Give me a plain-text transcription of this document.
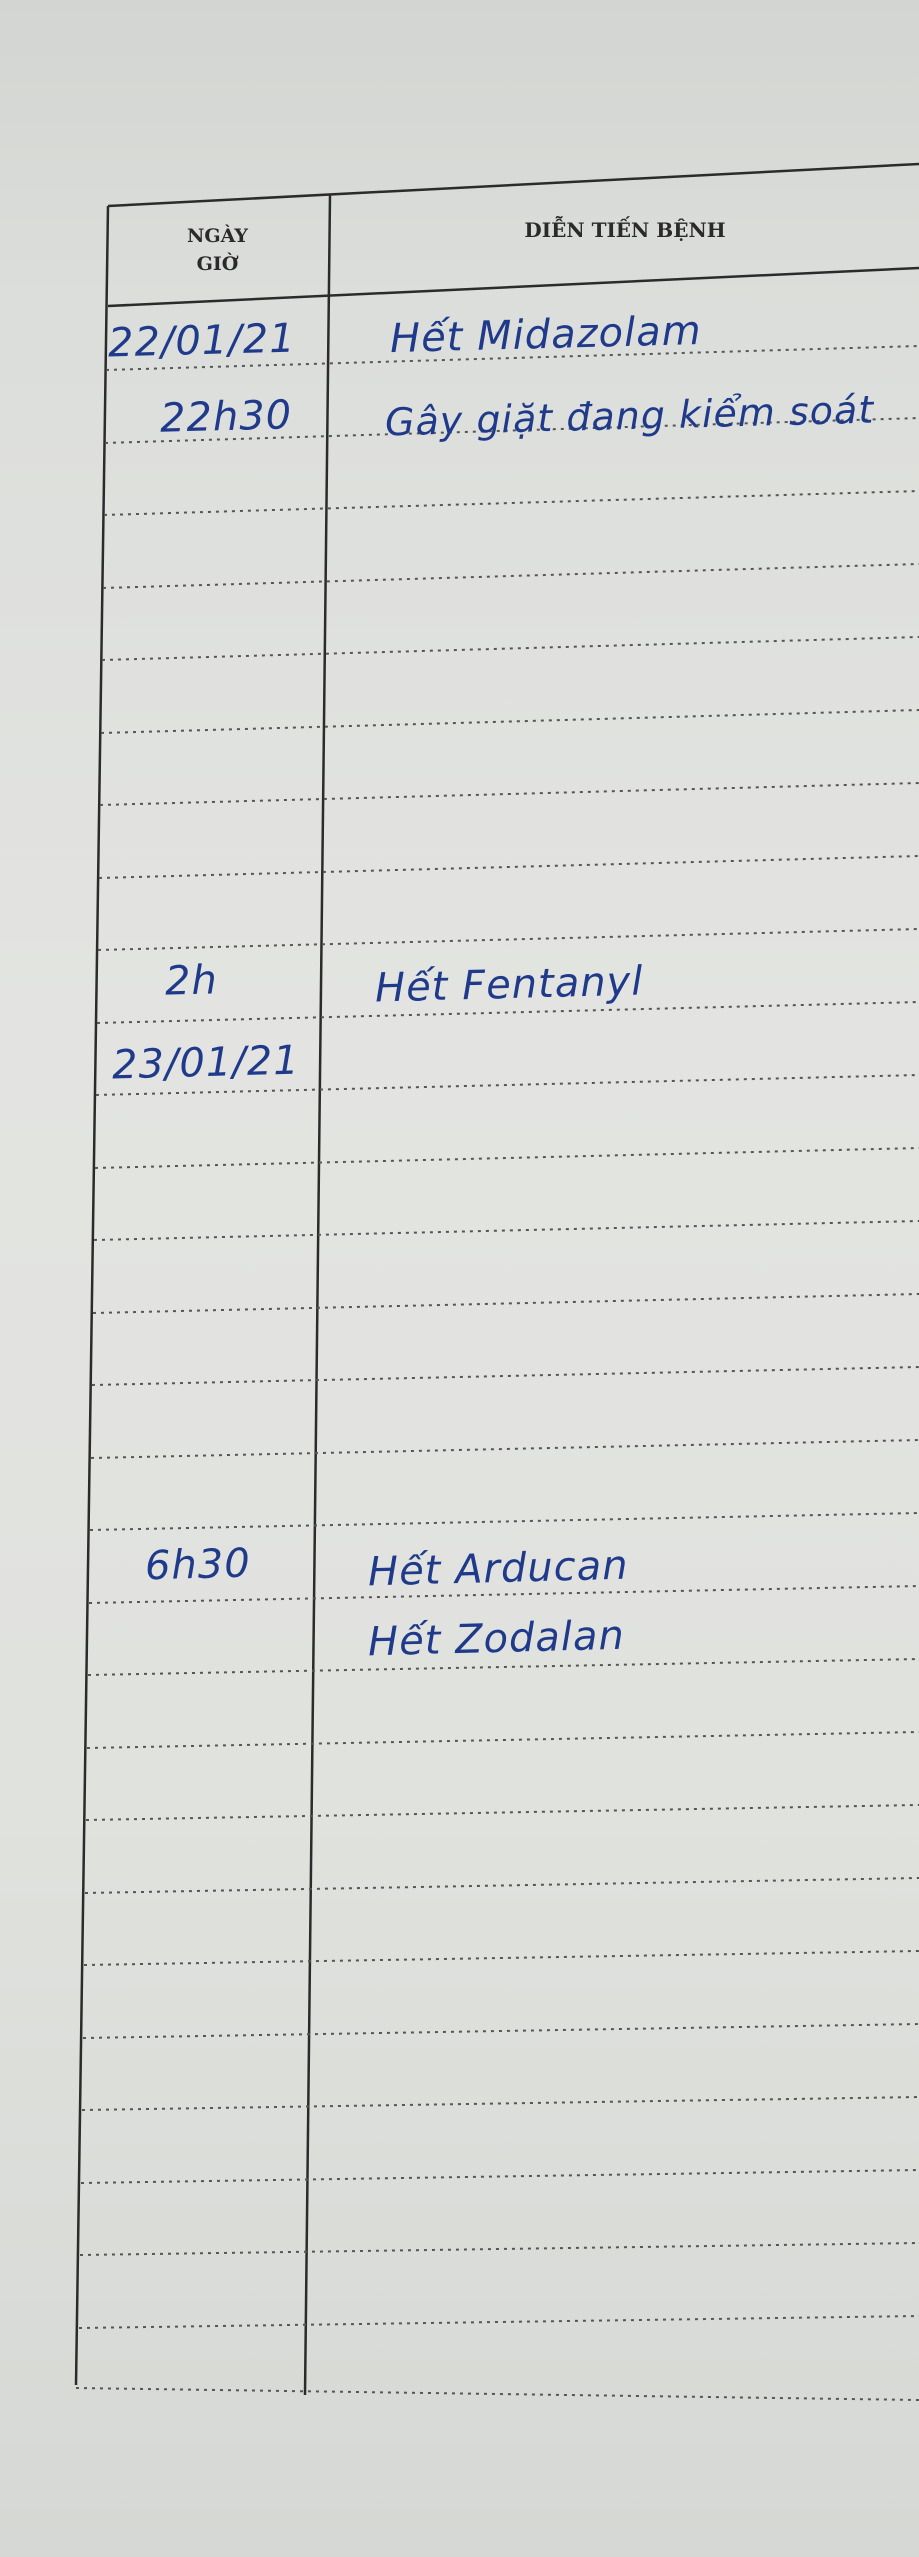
NGÀY
GIỜ
DIỄN TIẾN BỆNH
22/01/21
22h30
Hết Midazolam
Gây giặt đang kiểm soát
2h
23/01/21
Hết Fentanyl
6h30	Hết Arducan
Hết Zodalan
